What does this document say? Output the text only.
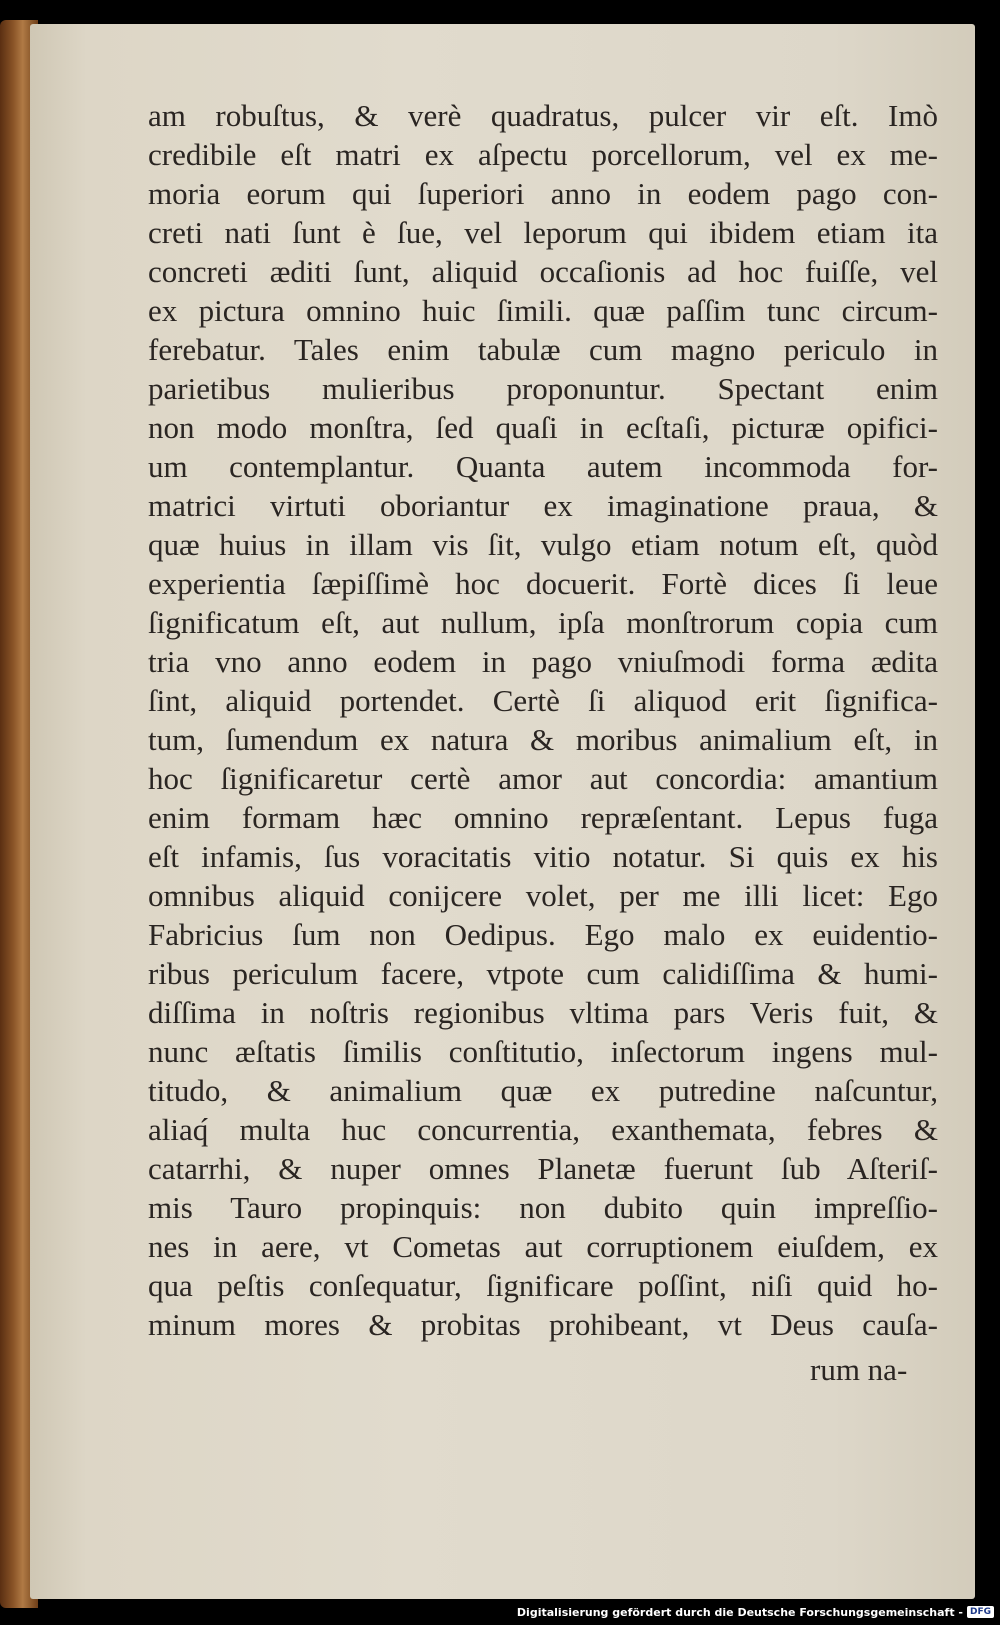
am robuſtus, & verè quadratus, pulcer vir eſt. Imò
credibile eſt matri ex aſpectu porcellorum, vel ex me-
moria eorum qui ſuperiori anno in eodem pago con-
creti nati ſunt è ſue, vel leporum qui ibidem etiam ita
concreti æditi ſunt, aliquid occaſionis ad hoc fuiſſe, vel
ex pictura omnino huic ſimili. quæ paſſim tunc circum-
ferebatur. Tales enim tabulæ cum magno periculo in
parietibus mulieribus proponuntur. Spectant enim
non modo monſtra, ſed quaſi in ecſtaſi, picturæ opifici-
um contemplantur. Quanta autem incommoda for-
matrici virtuti oboriantur ex imaginatione praua, &
quæ huius in illam vis ſit, vulgo etiam notum eſt, quòd
experientia ſæpiſſimè hoc docuerit. Fortè dices ſi leue
ſignificatum eſt, aut nullum, ipſa monſtrorum copia cum
tria vno anno eodem in pago vniuſmodi forma ædita
ſint, aliquid portendet. Certè ſi aliquod erit ſignifica-
tum, ſumendum ex natura & moribus animalium eſt, in
hoc ſignificaretur certè amor aut concordia: amantium
enim formam hæc omnino repræſentant. Lepus fuga
eſt infamis, ſus voracitatis vitio notatur. Si quis ex his
omnibus aliquid conijcere volet, per me illi licet: Ego
Fabricius ſum non Oedipus. Ego malo ex euidentio-
ribus periculum facere, vtpote cum calidiſſima & humi-
diſſima in noſtris regionibus vltima pars Veris fuit, &
nunc æſtatis ſimilis conſtitutio, inſectorum ingens mul-
titudo, & animalium quæ ex putredine naſcuntur,
aliaq́ multa huc concurrentia, exanthemata, febres &
catarrhi, & nuper omnes Planetæ fuerunt ſub Aſteriſ-
mis Tauro propinquis: non dubito quin impreſſio-
nes in aere, vt Cometas aut corruptionem eiuſdem, ex
qua peſtis conſequatur, ſignificare poſſint, niſi quid ho-
minum mores & probitas prohibeant, vt Deus cauſa-
rum na-
Digitalisierung gefördert durch die Deutsche Forschungsgemeinschaft - DFG
